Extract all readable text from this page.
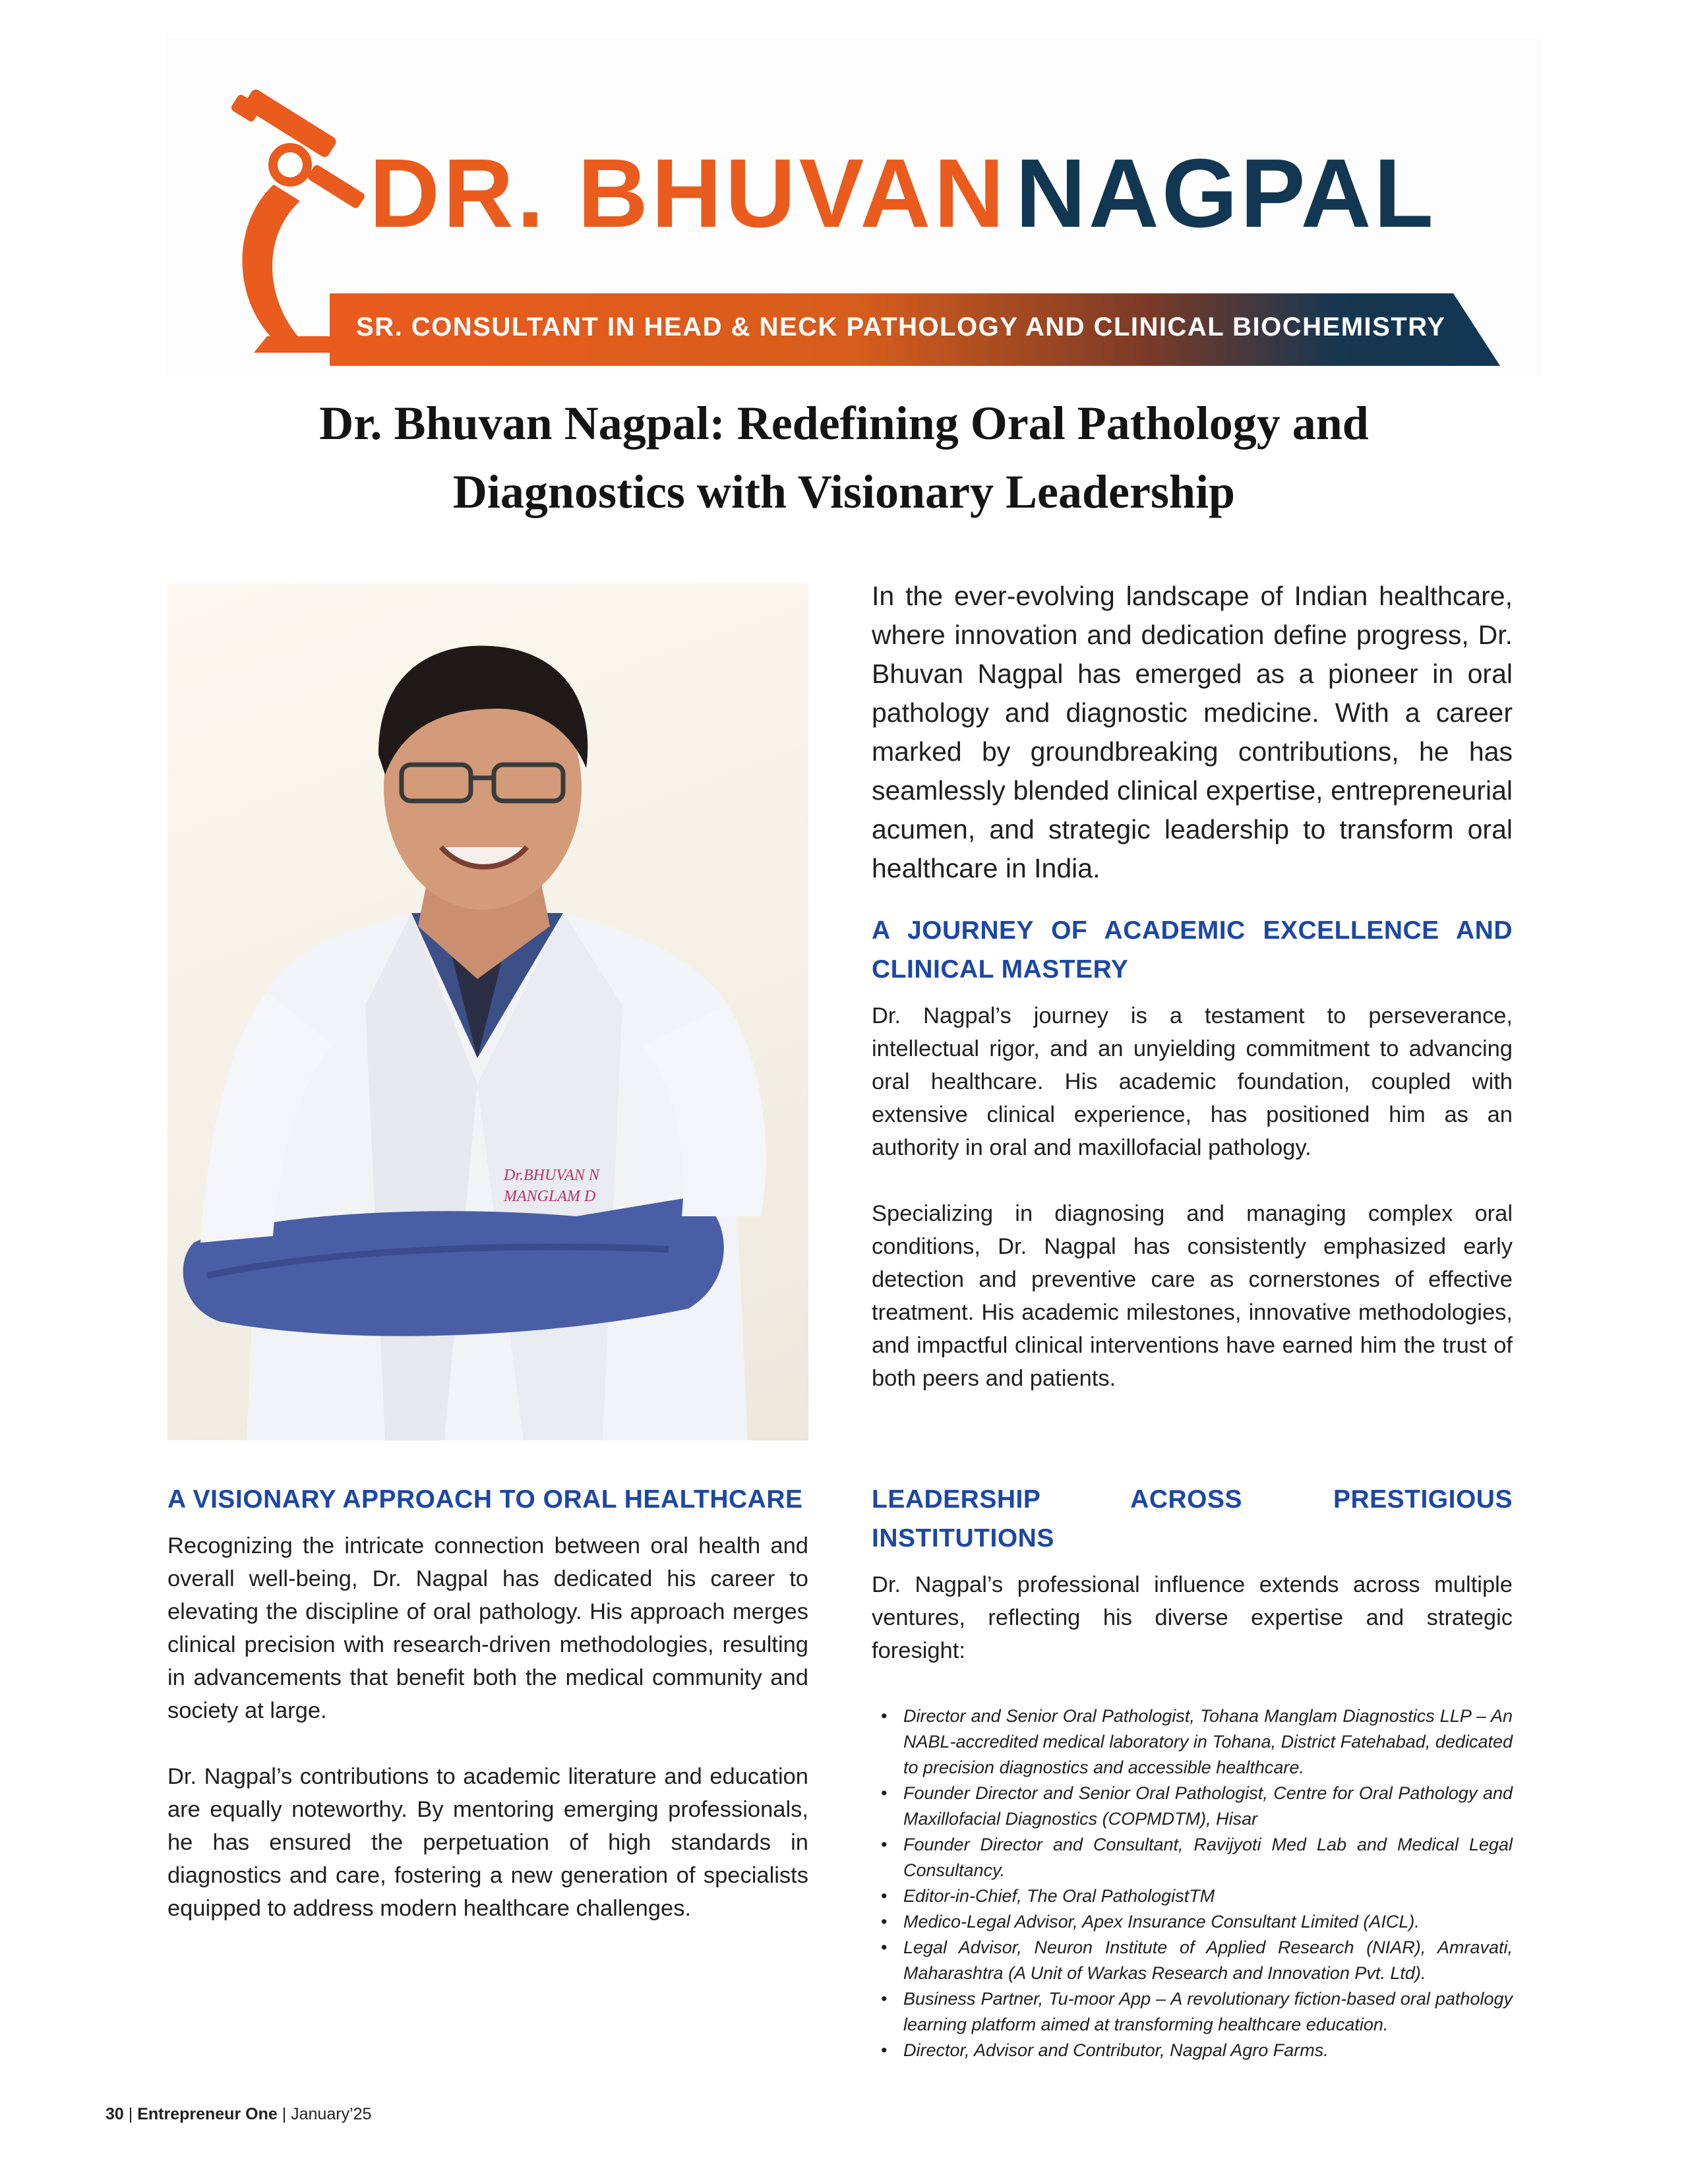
DR. BHUVAN NAGPAL
SR. CONSULTANT IN HEAD & NECK PATHOLOGY AND CLINICAL BIOCHEMISTRY
Dr. Bhuvan Nagpal: Redefining Oral Pathology and
Diagnostics with Visionary Leadership
Dr.BHUVAN N
MANGLAM D

In the ever-evolving landscape of Indian healthcare, where innovation and dedication define progress, Dr. Bhuvan Nagpal has emerged as a pioneer in oral pathology and diagnostic medicine. With a career marked by groundbreaking contributions, he has seamlessly blended clinical expertise, entrepreneurial acumen, and strategic leadership to transform oral healthcare in India.

A JOURNEY OF ACADEMIC EXCELLENCE AND CLINICAL MASTERY

Dr. Nagpal’s journey is a testament to perseverance, intellectual rigor, and an unyielding commitment to advancing oral healthcare. His academic foundation, coupled with extensive clinical experience, has positioned him as an authority in oral and maxillofacial pathology.

Specializing in diagnosing and managing complex oral conditions, Dr. Nagpal has consistently emphasized early detection and preventive care as cornerstones of effective treatment. His academic milestones, innovative methodologies, and impactful clinical interventions have earned him the trust of both peers and patients.

A VISIONARY APPROACH TO ORAL HEALTHCARE

Recognizing the intricate connection between oral health and overall well-being, Dr. Nagpal has dedicated his career to elevating the discipline of oral pathology. His approach merges clinical precision with research-driven methodologies, resulting in advancements that benefit both the medical community and society at large.

Dr. Nagpal’s contributions to academic literature and education are equally noteworthy. By mentoring emerging professionals, he has ensured the perpetuation of high standards in diagnostics and care, fostering a new generation of specialists equipped to address modern healthcare challenges.

LEADERSHIP ACROSS PRESTIGIOUS INSTITUTIONS

Dr. Nagpal’s professional influence extends across multiple ventures, reflecting his diverse expertise and strategic foresight:

• Director and Senior Oral Pathologist, Tohana Manglam Diagnostics LLP – An NABL-accredited medical laboratory in Tohana, District Fatehabad, dedicated to precision diagnostics and accessible healthcare.
• Founder Director and Senior Oral Pathologist, Centre for Oral Pathology and Maxillofacial Diagnostics (COPMDTM), Hisar
• Founder Director and Consultant, Ravijyoti Med Lab and Medical Legal Consultancy.
• Editor-in-Chief, The Oral PathologistTM
• Medico-Legal Advisor, Apex Insurance Consultant Limited (AICL).
• Legal Advisor, Neuron Institute of Applied Research (NIAR), Amravati, Maharashtra (A Unit of Warkas Research and Innovation Pvt. Ltd).
• Business Partner, Tu-moor App – A revolutionary fiction-based oral pathology learning platform aimed at transforming healthcare education.
• Director, Advisor and Contributor, Nagpal Agro Farms.
30 | Entrepreneur One | January’25
